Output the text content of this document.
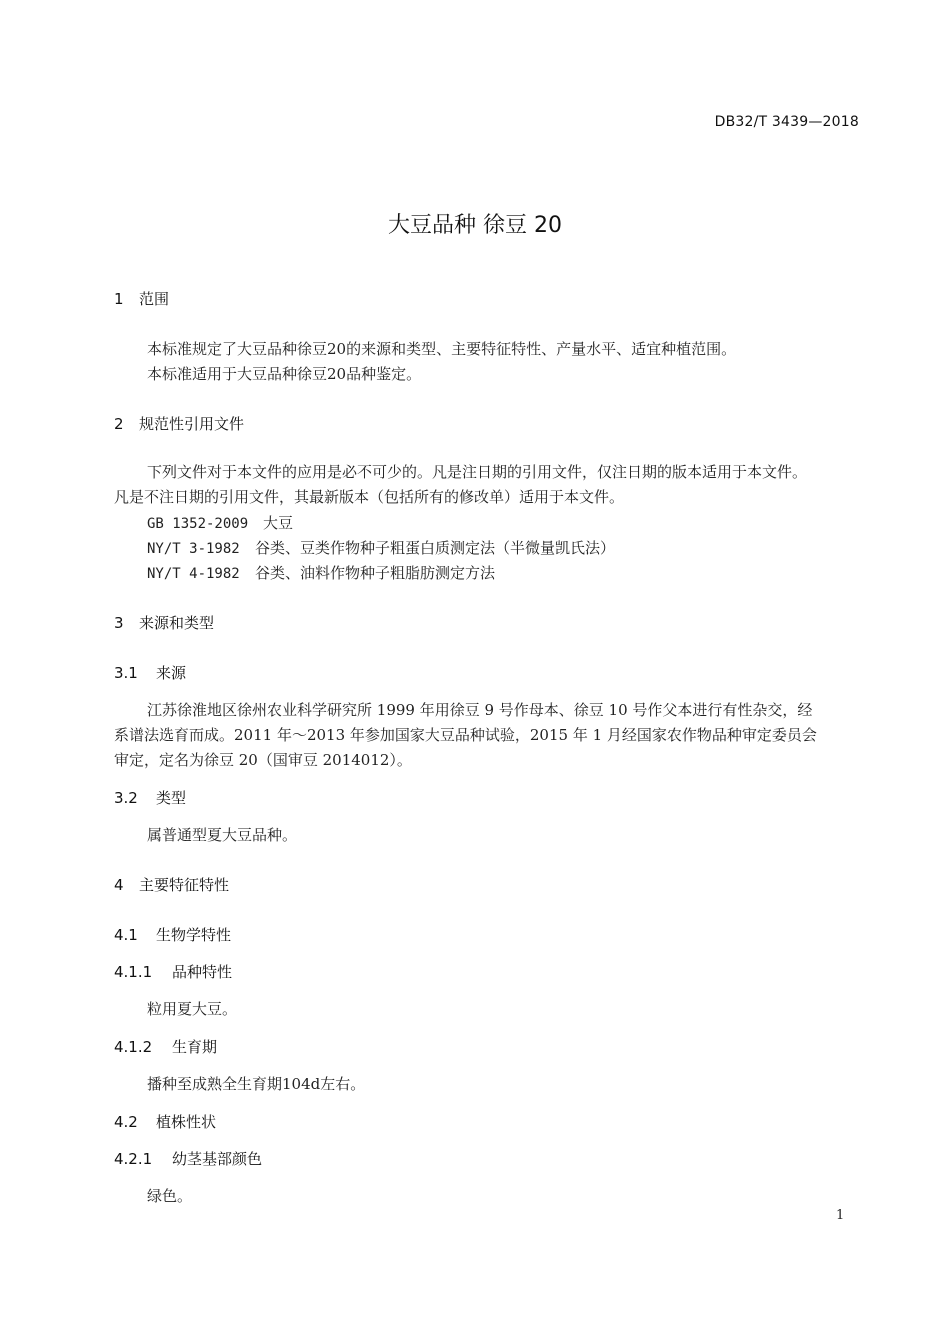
DB32/T 3439—2018
大豆品种 徐豆 20
1 范围
本标准规定了大豆品种徐豆20的来源和类型、主要特征特性、产量水平、适宜种植范围。
本标准适用于大豆品种徐豆20品种鉴定。
2 规范性引用文件
下列文件对于本文件的应用是必不可少的。凡是注日期的引用文件，仅注日期的版本适用于本文件。
凡是不注日期的引用文件，其最新版本（包括所有的修改单）适用于本文件。
GB 1352-2009 大豆
NY/T 3-1982 谷类、豆类作物种子粗蛋白质测定法（半微量凯氏法）
NY/T 4-1982 谷类、油料作物种子粗脂肪测定方法
3 来源和类型
3.1 来源
江苏徐淮地区徐州农业科学研究所 1999 年用徐豆 9 号作母本、徐豆 10 号作父本进行有性杂交，经
系谱法选育而成。2011 年～2013 年参加国家大豆品种试验，2015 年 1 月经国家农作物品种审定委员会
审定，定名为徐豆 20（国审豆 2014012）。
3.2 类型
属普通型夏大豆品种。
4 主要特征特性
4.1 生物学特性
4.1.1 品种特性
粒用夏大豆。
4.1.2 生育期
播种至成熟全生育期104d左右。
4.2 植株性状
4.2.1 幼茎基部颜色
绿色。
1
